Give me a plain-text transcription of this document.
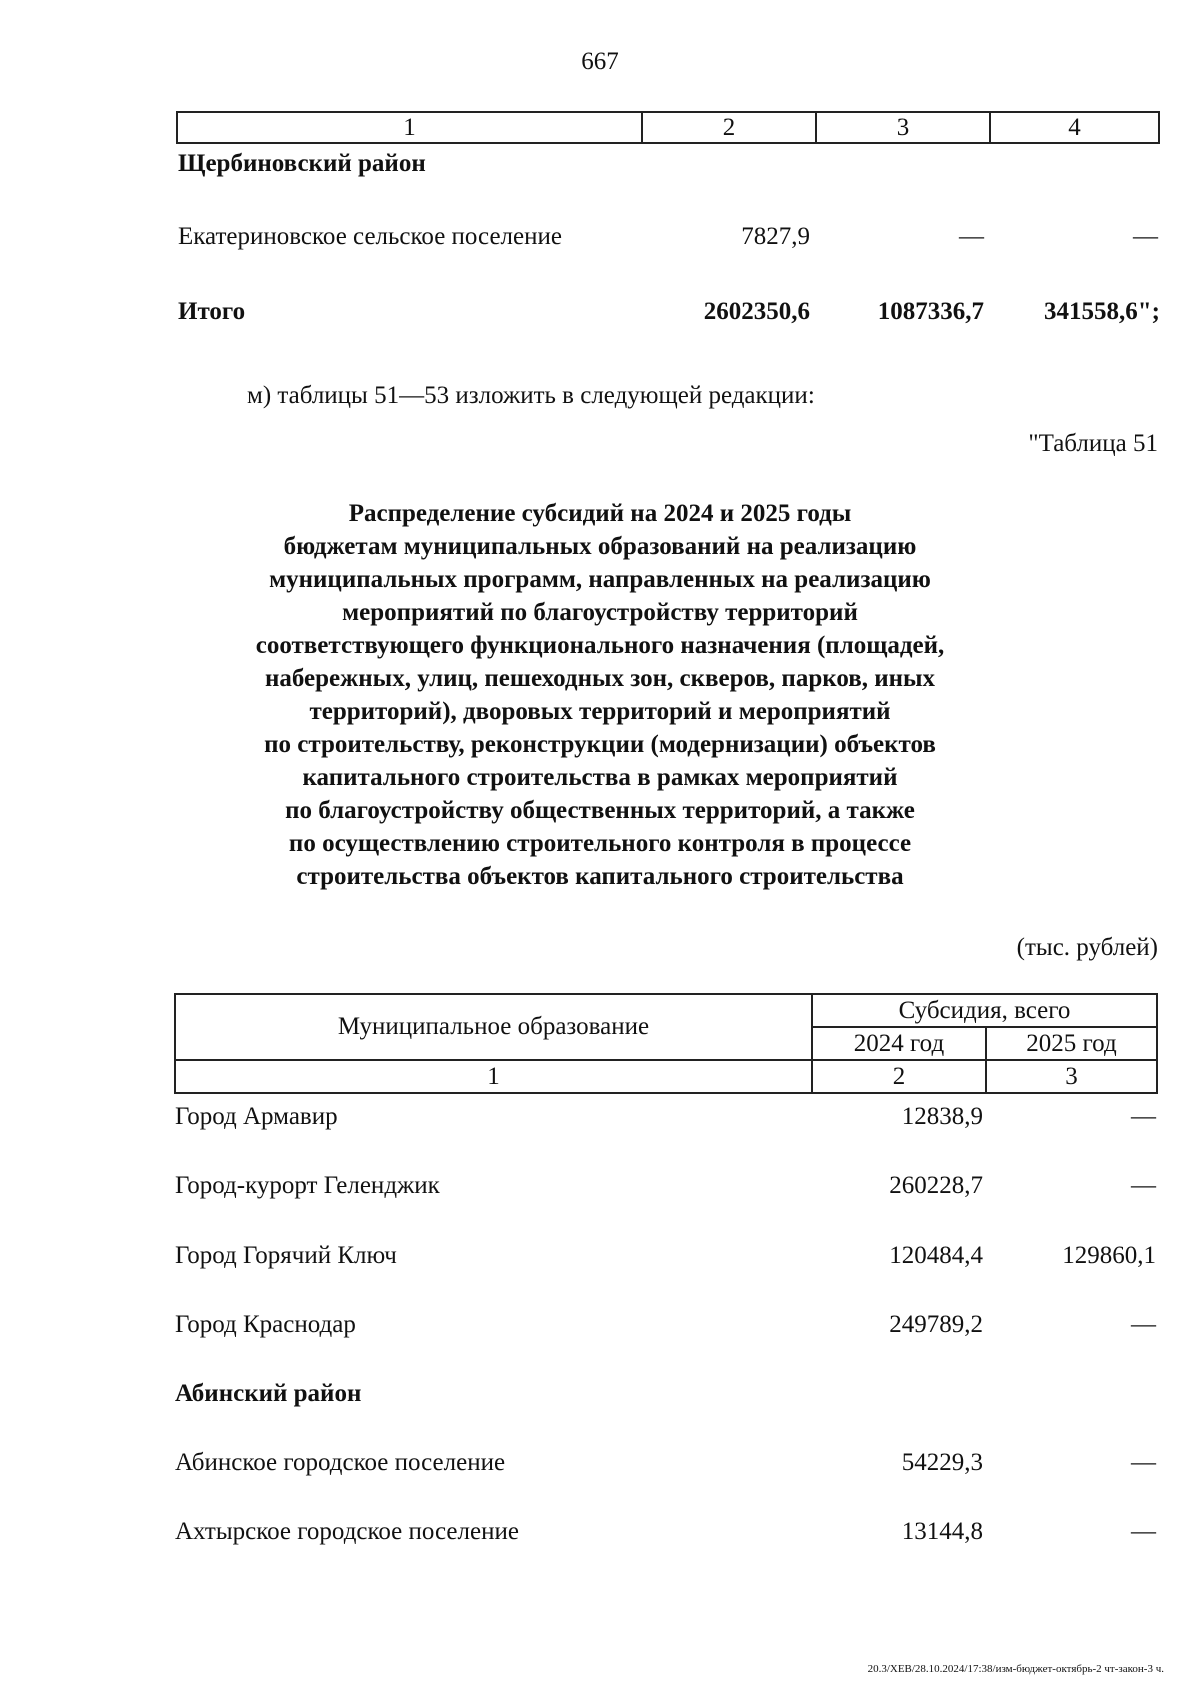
667
1	2	3	4
Щербиновский район
Екатериновское сельское поселение	7827,9	—	—
Итого	2602350,6	1087336,7 341558,6";
м) таблицы 51—53 изложить в следующей редакции:
"Таблица 51
Распределение субсидий на 2024 и 2025 годы
бюджетам муниципальных образований на реализацию
муниципальных программ, направленных на реализацию
мероприятий по благоустройству территорий
соответствующего функционального назначения (площадей,
набережных, улиц, пешеходных зон, скверов, парков, иных
территорий), дворовых территорий и мероприятий
по строительству, реконструкции (модернизации) объектов
капитального строительства в рамках мероприятий
по благоустройству общественных территорий, а также
по осуществлению строительного контроля в процессе
строительства объектов капитального строительства
(тыс. рублей)
Муниципальное образование	Субсидия, всего	
	2024 год	2025 год
1	2	3
Город Армавир	12838,9	—
Город-курорт Геленджик	260228,7	—
Город Горячий Ключ	120484,4	129860,1
Город Краснодар	249789,2	—
Абинский район
Абинское городское поселение	54229,3	—
Ахтырское городское поселение	13144,8	—
20.3/ХЕВ/28.10.2024/17:38/изм-бюджет-октябрь-2 чт-закон-3 ч.
